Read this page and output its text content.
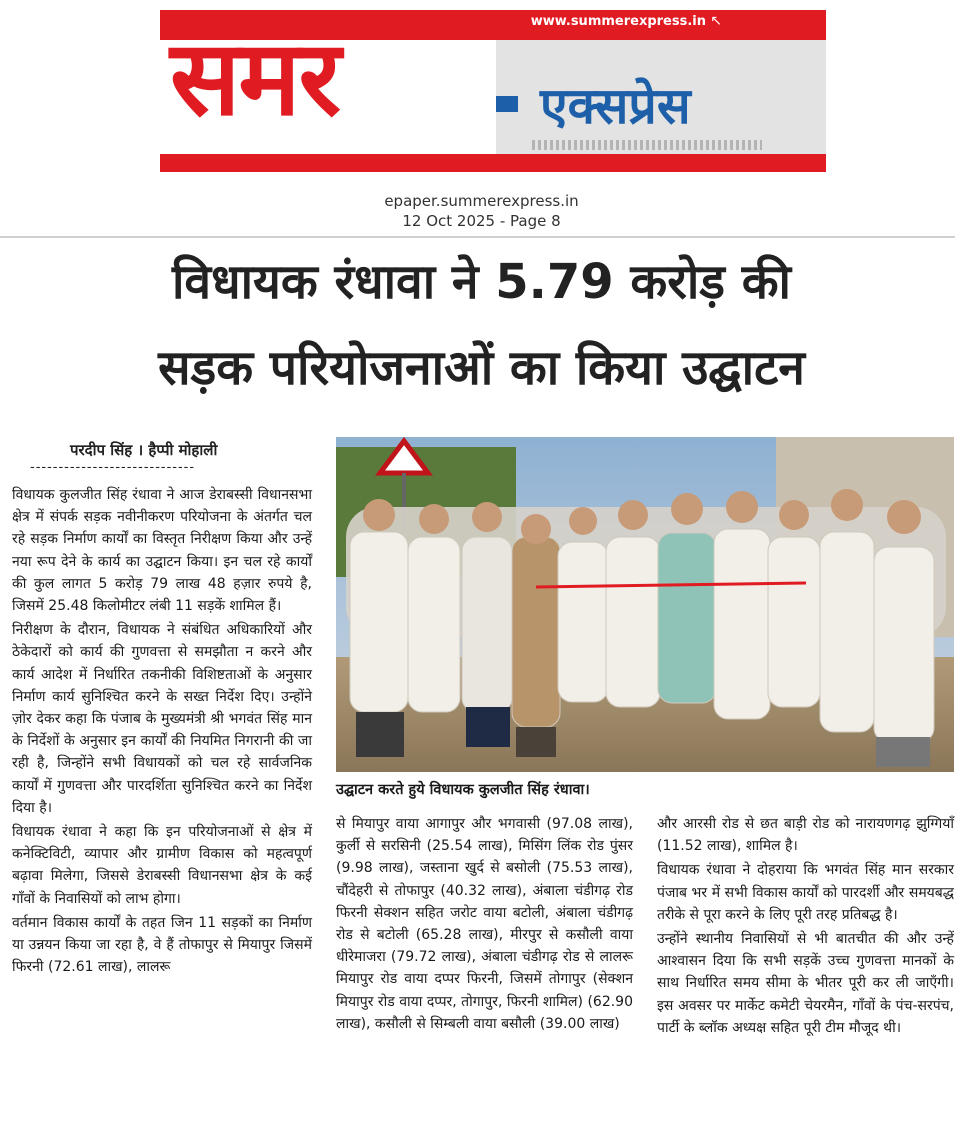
एक्सप्रेस
समर	www.summerexpress.in ↖
epaper.summerexpress.in
12 Oct 2025 - Page 8
विधायक रंधावा ने 5.79 करोड़ की
सड़क परियोजनाओं का किया उद्घाटन
परदीप सिंह । हैप्पी मोहाली
-----------------------------

विधायक कुलजीत सिंह रंधावा ने आज डेराबस्सी विधानसभा क्षेत्र में संपर्क सड़क नवीनीकरण परियोजना के अंतर्गत चल रहे सड़क निर्माण कार्यों का विस्तृत निरीक्षण किया और उन्हें नया रूप देने के कार्य का उद्घाटन किया। इन चल रहे कार्यों की कुल लागत 5 करोड़ 79 लाख 48 हज़ार रुपये है, जिसमें 25.48 किलोमीटर लंबी 11 सड़कें शामिल हैं।

निरीक्षण के दौरान, विधायक ने संबंधित अधिकारियों और ठेकेदारों को कार्य की गुणवत्ता से समझौता न करने और कार्य आदेश में निर्धारित तकनीकी विशिष्टताओं के अनुसार निर्माण कार्य सुनिश्चित करने के सख्त निर्देश दिए। उन्होंने ज़ोर देकर कहा कि पंजाब के मुख्यमंत्री श्री भगवंत सिंह मान के निर्देशों के अनुसार इन कार्यों की नियमित निगरानी की जा रही है, जिन्होंने सभी विधायकों को चल रहे सार्वजनिक कार्यों में गुणवत्ता और पारदर्शिता सुनिश्चित करने का निर्देश दिया है।

विधायक रंधावा ने कहा कि इन परियोजनाओं से क्षेत्र में कनेक्टिविटी, व्यापार और ग्रामीण विकास को महत्वपूर्ण बढ़ावा मिलेगा, जिससे डेराबस्सी विधानसभा क्षेत्र के कई गाँवों के निवासियों को लाभ होगा।

वर्तमान विकास कार्यों के तहत जिन 11 सड़कों का निर्माण या उन्नयन किया जा रहा है, वे हैं तोफापुर से मियापुर जिसमें फिरनी (72.61 लाख), लालरू

उद्घाटन करते हुये विधायक कुलजीत सिंह रंधावा।

से मियापुर वाया आगापुर और भगवासी (97.08 लाख), कुर्ली से सरसिनी (25.54 लाख), मिसिंग लिंक रोड पुंसर (9.98 लाख), जस्ताना खुर्द से बसोली (75.53 लाख), चौंदेहरी से तोफापुर (40.32 लाख), अंबाला चंडीगढ़ रोड फिरनी सेक्शन सहित जरोट वाया बटोली, अंबाला चंडीगढ़ रोड से बटोली (65.28 लाख), मीरपुर से कसौली वाया धीरेमाजरा (79.72 लाख), अंबाला चंडीगढ़ रोड से लालरू मियापुर रोड वाया दप्पर फिरनी, जिसमें तोगापुर (सेक्शन मियापुर रोड वाया दप्पर, तोगापुर, फिरनी शामिल) (62.90 लाख), कसौली से सिम्बली वाया बसौली (39.00 लाख)

और आरसी रोड से छत बाड़ी रोड को नारायणगढ़ झुग्गियाँ (11.52 लाख), शामिल है।

विधायक रंधावा ने दोहराया कि भगवंत सिंह मान सरकार पंजाब भर में सभी विकास कार्यों को पारदर्शी और समयबद्ध तरीके से पूरा करने के लिए पूरी तरह प्रतिबद्ध है।

उन्होंने स्थानीय निवासियों से भी बातचीत की और उन्हें आश्वासन दिया कि सभी सड़कें उच्च गुणवत्ता मानकों के साथ निर्धारित समय सीमा के भीतर पूरी कर ली जाएँगी। इस अवसर पर मार्केट कमेटी चेयरमैन, गाँवों के पंच-सरपंच, पार्टी के ब्लॉक अध्यक्ष सहित पूरी टीम मौजूद थी।
